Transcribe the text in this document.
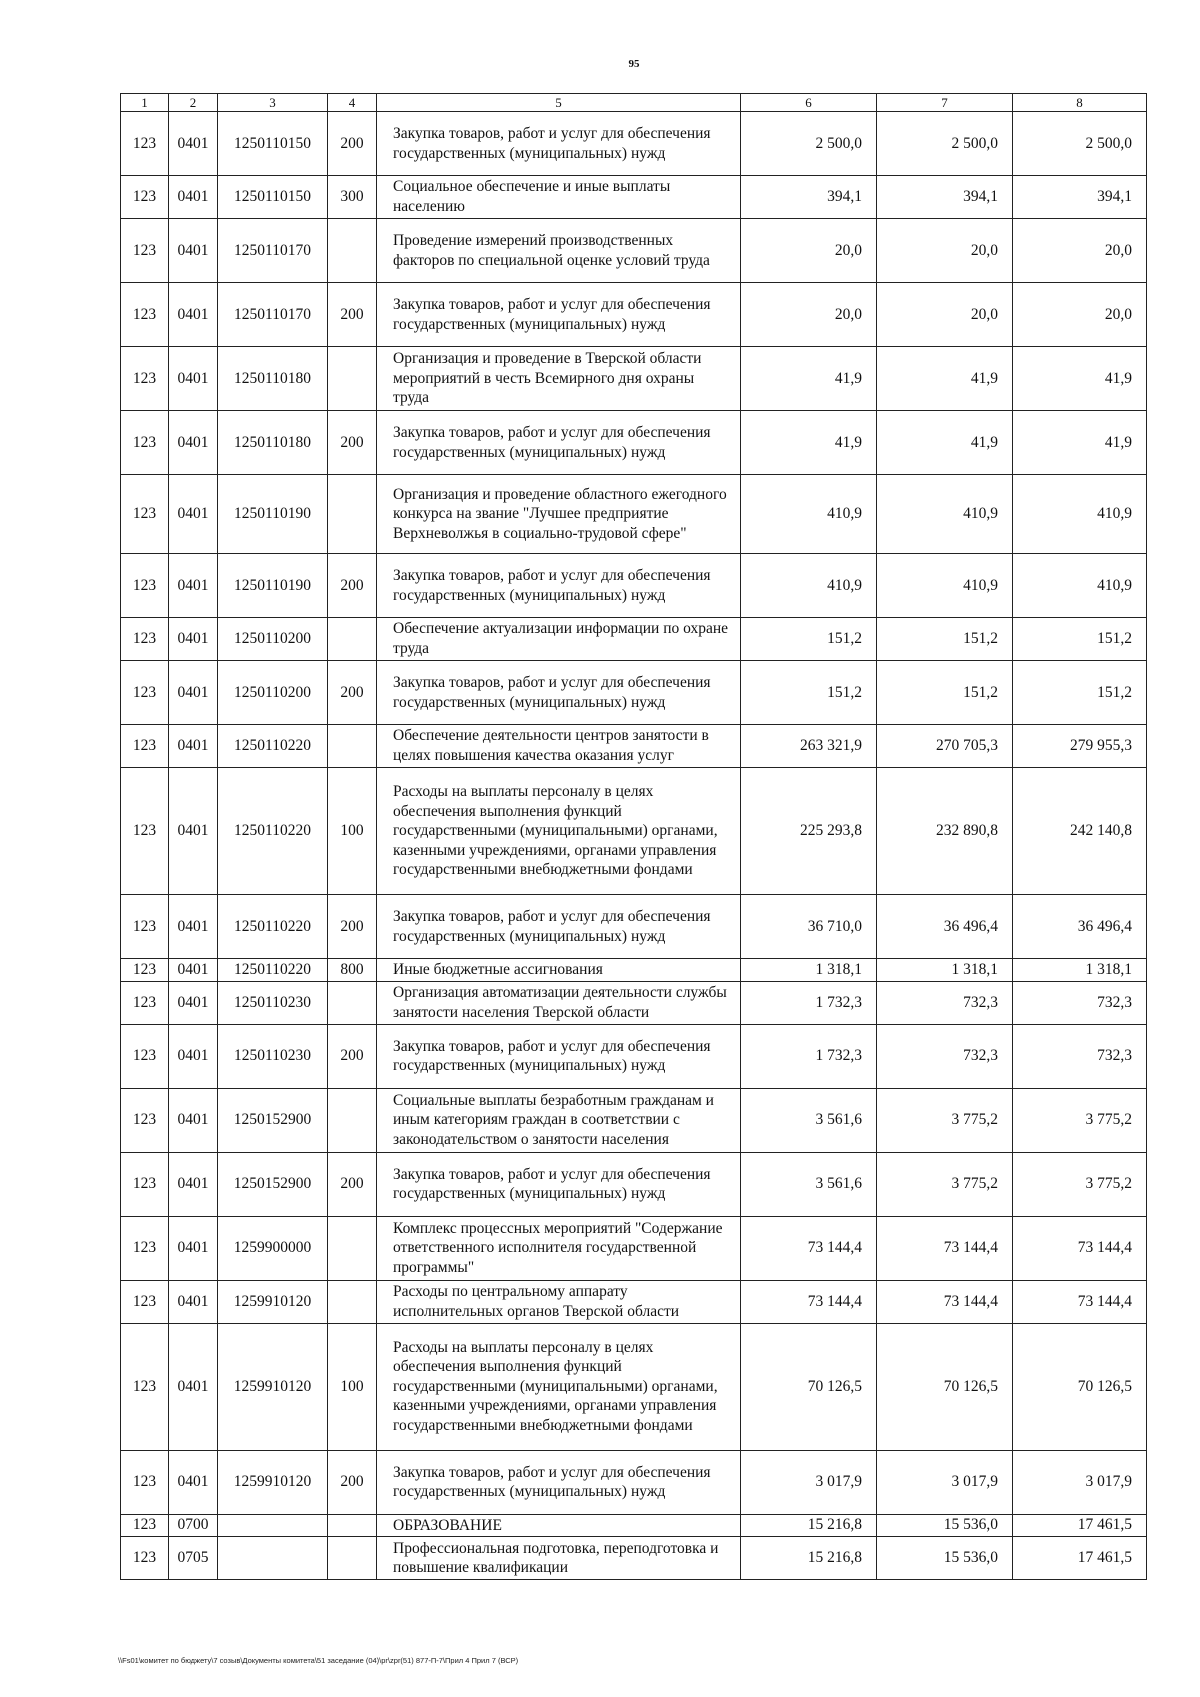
95
1	2	3	4	5	6	7	8
123	0401	1250110150	200	Закупка товаров, работ и услуг для обеспечения государственных (муниципальных) нужд	2 500,0	2 500,0	2 500,0
123	0401	1250110150	300	Социальное обеспечение и иные выплаты населению	394,1	394,1	394,1
123	0401	1250110170		Проведение измерений производственных факторов по специальной оценке условий труда	20,0	20,0	20,0
123	0401	1250110170	200	Закупка товаров, работ и услуг для обеспечения государственных (муниципальных) нужд	20,0	20,0	20,0
123	0401	1250110180		Организация и проведение в Тверской области мероприятий в честь Всемирного дня охраны труда	41,9	41,9	41,9
123	0401	1250110180	200	Закупка товаров, работ и услуг для обеспечения государственных (муниципальных) нужд	41,9	41,9	41,9
123	0401	1250110190		Организация и проведение областного ежегодного конкурса на звание "Лучшее предприятие Верхневолжья в социально-трудовой сфере"	410,9	410,9	410,9
123	0401	1250110190	200	Закупка товаров, работ и услуг для обеспечения государственных (муниципальных) нужд	410,9	410,9	410,9
123	0401	1250110200		Обеспечение актуализации информации по охране труда	151,2	151,2	151,2
123	0401	1250110200	200	Закупка товаров, работ и услуг для обеспечения государственных (муниципальных) нужд	151,2	151,2	151,2
123	0401	1250110220		Обеспечение деятельности центров занятости в целях повышения качества оказания услуг	263 321,9	270 705,3	279 955,3
123	0401	1250110220	100	Расходы на выплаты персоналу в целях обеспечения выполнения функций государственными (муниципальными) органами, казенными учреждениями, органами управления государственными внебюджетными фондами	225 293,8	232 890,8	242 140,8
123	0401	1250110220	200	Закупка товаров, работ и услуг для обеспечения государственных (муниципальных) нужд	36 710,0	36 496,4	36 496,4
123	0401	1250110220	800	Иные бюджетные ассигнования	1 318,1	1 318,1	1 318,1
123	0401	1250110230		Организация автоматизации деятельности службы занятости населения Тверской области	1 732,3	732,3	732,3
123	0401	1250110230	200	Закупка товаров, работ и услуг для обеспечения государственных (муниципальных) нужд	1 732,3	732,3	732,3
123	0401	1250152900		Социальные выплаты безработным гражданам и иным категориям граждан в соответствии с законодательством о занятости населения	3 561,6	3 775,2	3 775,2
123	0401	1250152900	200	Закупка товаров, работ и услуг для обеспечения государственных (муниципальных) нужд	3 561,6	3 775,2	3 775,2
123	0401	1259900000		Комплекс процессных мероприятий "Содержание ответственного исполнителя государственной программы"	73 144,4	73 144,4	73 144,4
123	0401	1259910120		Расходы по центральному аппарату исполнительных органов Тверской области	73 144,4	73 144,4	73 144,4
123	0401	1259910120	100	Расходы на выплаты персоналу в целях обеспечения выполнения функций государственными (муниципальными) органами, казенными учреждениями, органами управления государственными внебюджетными фондами	70 126,5	70 126,5	70 126,5
123	0401	1259910120	200	Закупка товаров, работ и услуг для обеспечения государственных (муниципальных) нужд	3 017,9	3 017,9	3 017,9
123	0700			ОБРАЗОВАНИЕ	15 216,8	15 536,0	17 461,5
123	0705			Профессиональная подготовка, переподготовка и повышение квалификации	15 216,8	15 536,0	17 461,5
\\Fs01\комитет по бюджету\7 созыв\Документы комитета\51 заседание (04)\pr\zpr(51) 877-П-7\Прил 4 Прил 7 (ВСР)
